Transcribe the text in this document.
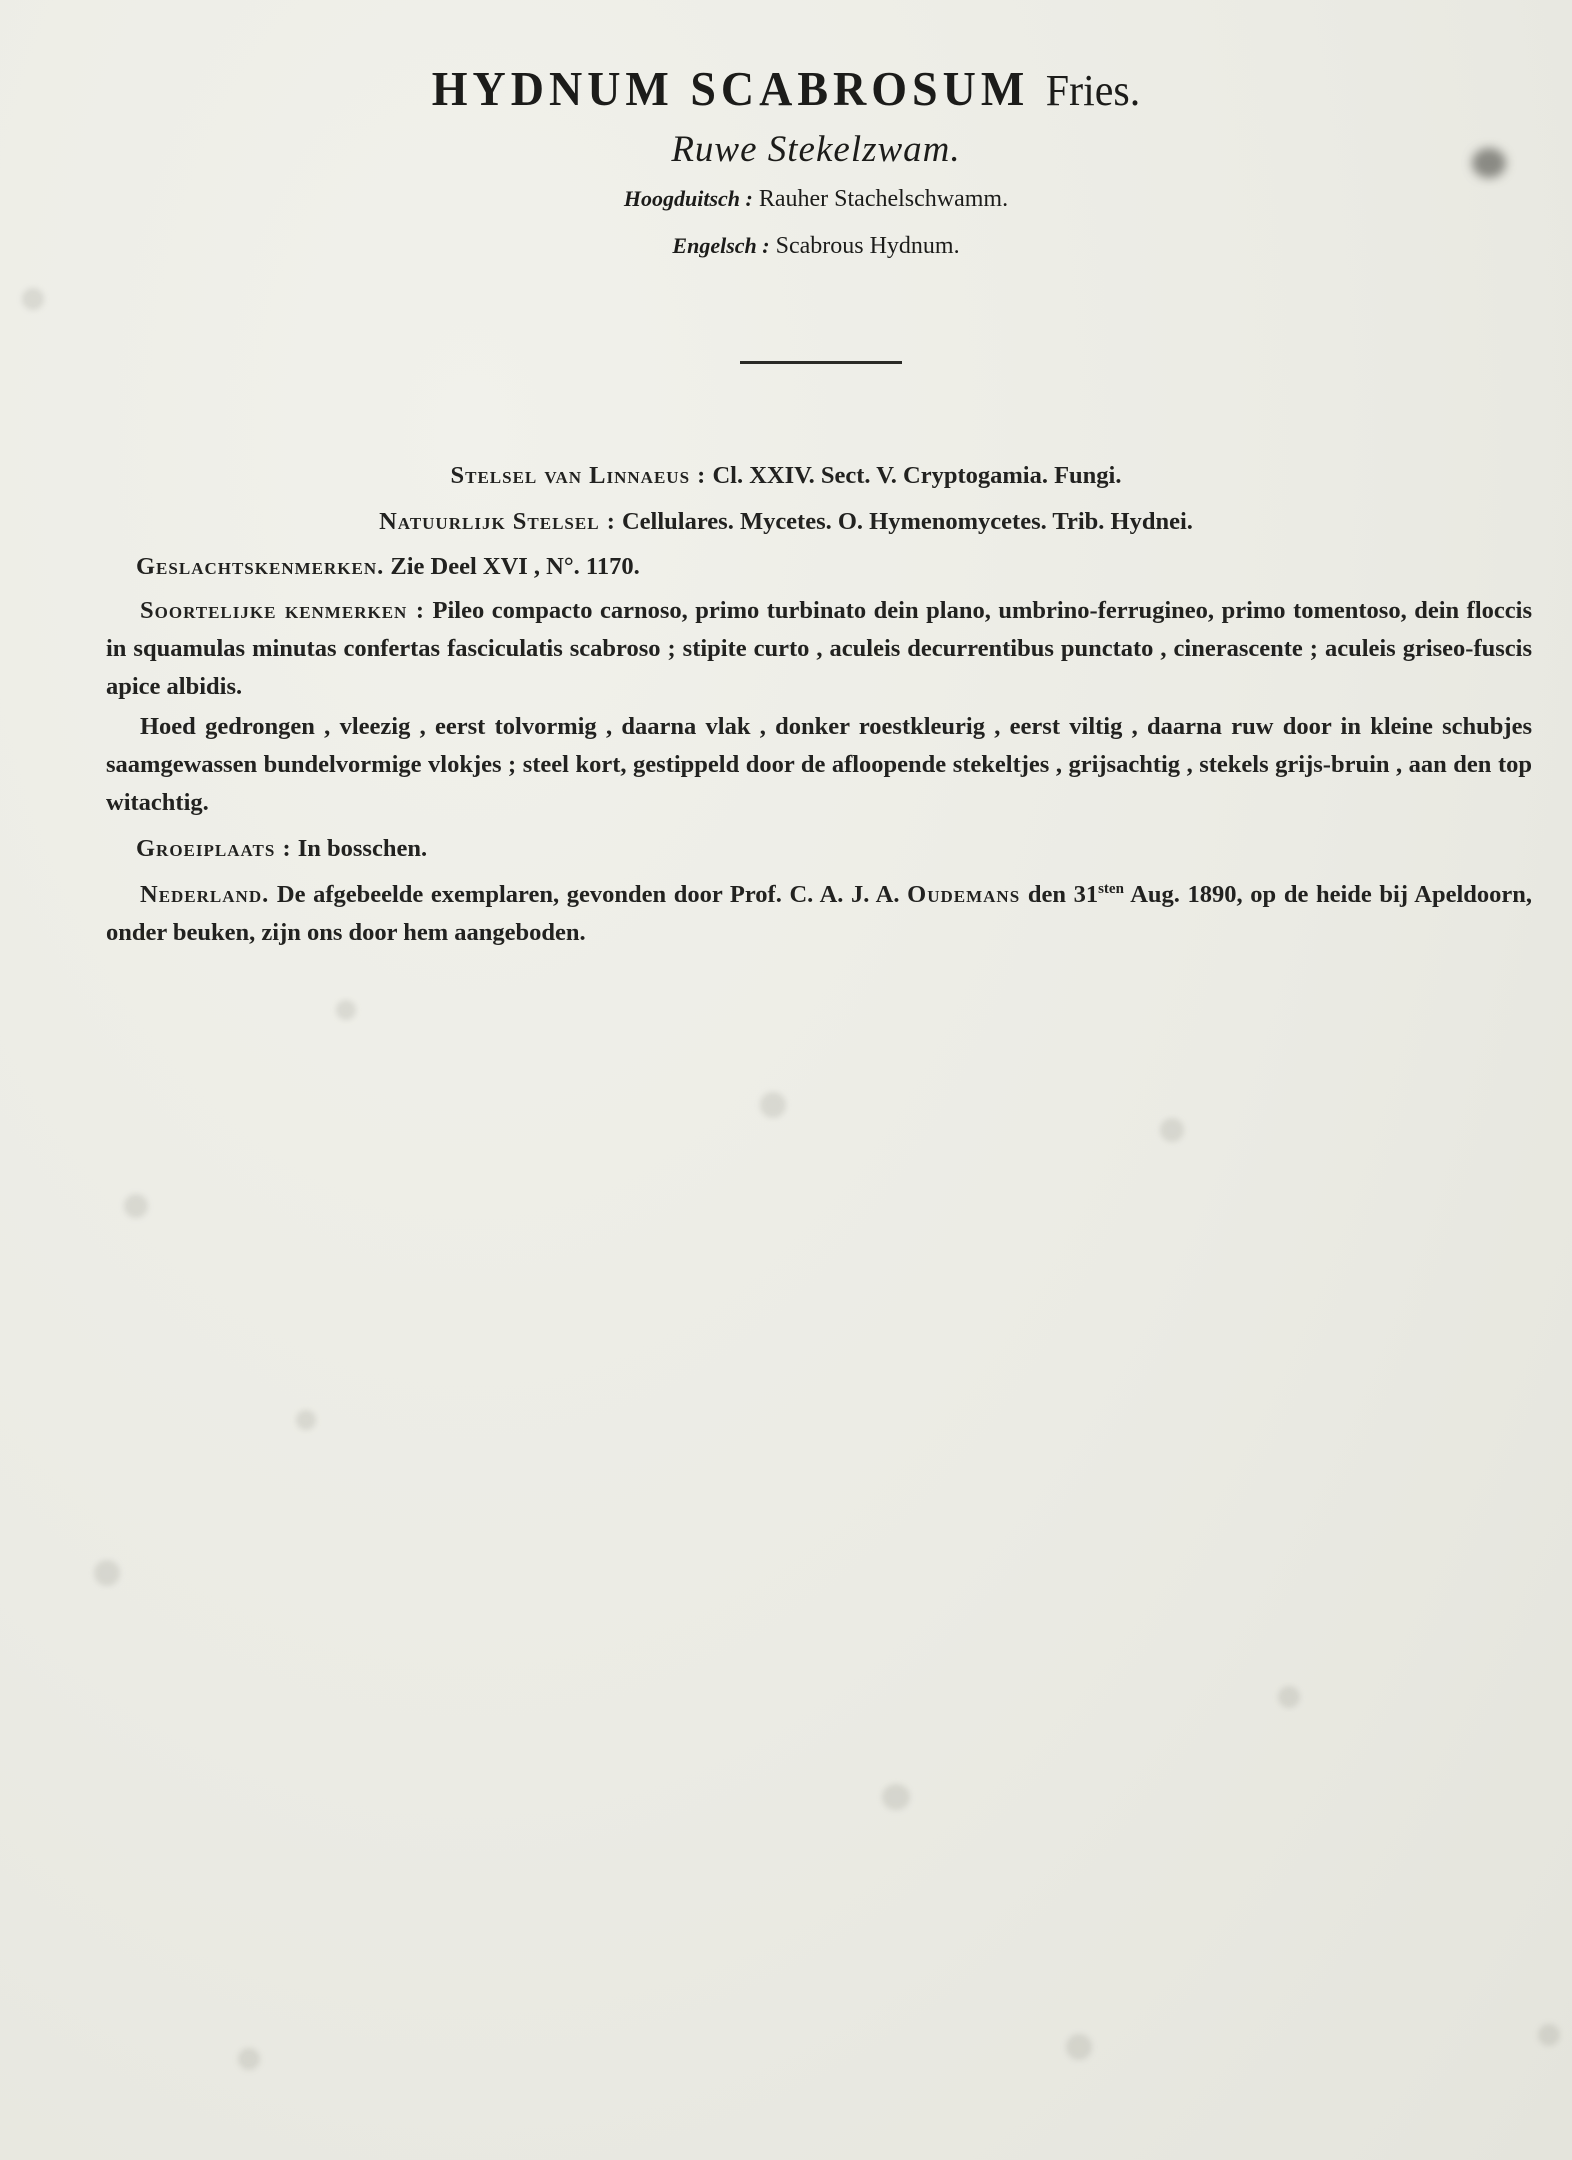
HYDNUM SCABROSUM Fries.
Ruwe Stekelzwam.
Hoogduitsch : Rauher Stachelschwamm.
Engelsch : Scabrous Hydnum.
Stelsel van Linnaeus : Cl. XXIV. Sect. V. Cryptogamia. Fungi.
Natuurlijk Stelsel : Cellulares. Mycetes. O. Hymenomycetes. Trib. Hydnei.

Geslachtskenmerken. Zie Deel XVI , N°. 1170.

Soortelijke kenmerken : Pileo compacto carnoso, primo turbinato dein plano, umbrino-ferrugineo, primo tomentoso, dein floccis in squamulas minutas confertas fasciculatis scabroso ; stipite curto , aculeis decurrentibus punctato , cinerascente ; aculeis griseo-fuscis apice albidis.

Hoed gedrongen , vleezig , eerst tolvormig , daarna vlak , donker roestkleurig , eerst viltig , daarna ruw door in kleine schubjes saamgewassen bundelvormige vlokjes ; steel kort, gestippeld door de afloopende stekeltjes , grijsachtig , stekels grijs-bruin , aan den top witachtig.

Groeiplaats : In bosschen.

Nederland. De afgebeelde exemplaren, gevonden door Prof. C. A. J. A. Oudemans den $31^{sten}$ Aug. 1890, op de heide bij Apeldoorn, onder beuken, zijn ons door hem aangeboden.
